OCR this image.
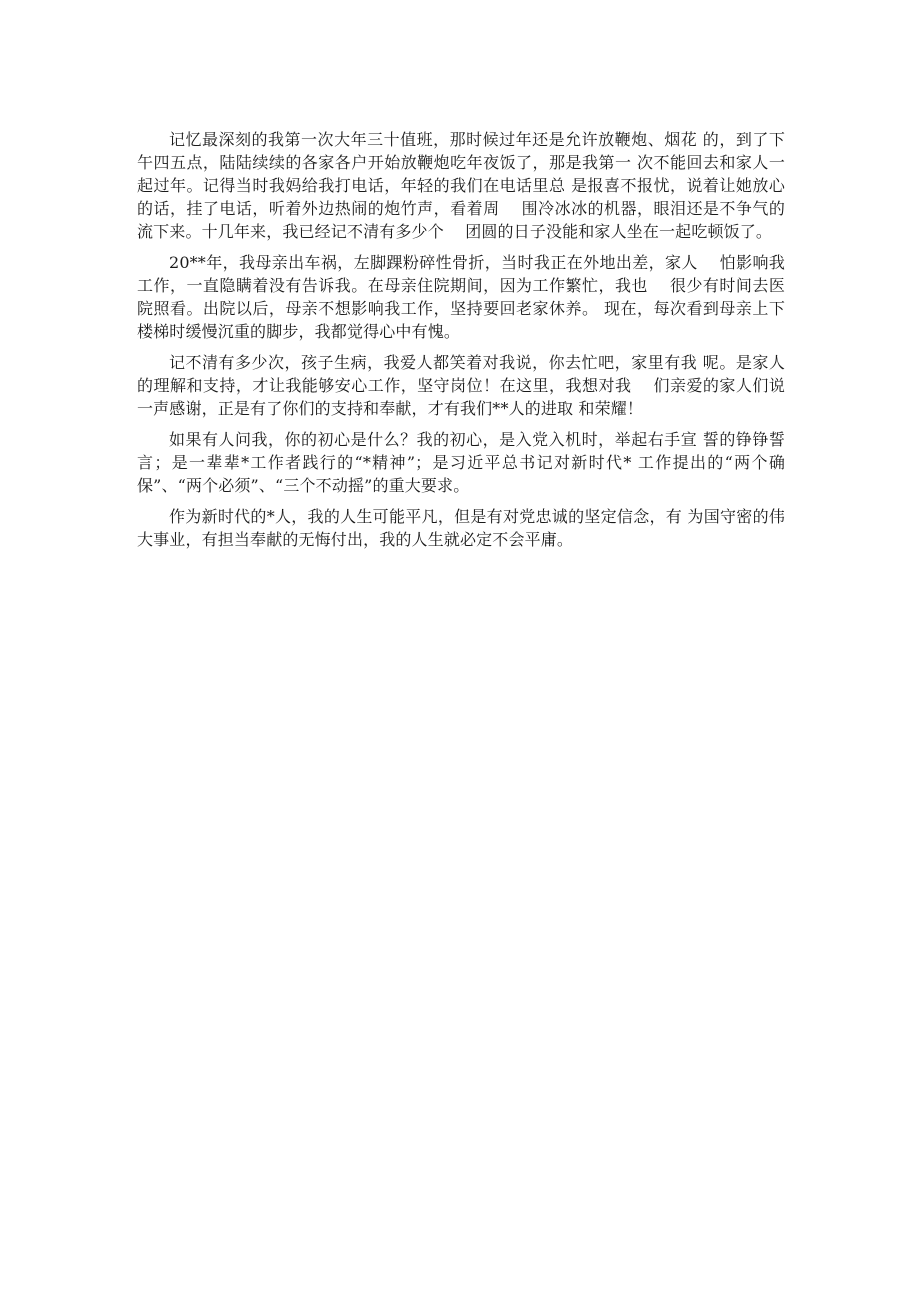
记忆最深刻的我第一次大年三十值班，那时候过年还是允许放鞭炮、烟花 的，到了下午四五点，陆陆续续的各家各户开始放鞭炮吃年夜饭了，那是我第一 次不能回去和家人一起过年。记得当时我妈给我打电话，年轻的我们在电话里总 是报喜不报忧，说着让她放心的话，挂了电话，听着外边热闹的炮竹声，看着周　 围冷冰冰的机器，眼泪还是不争气的流下来。十几年来，我已经记不清有多少个　 团圆的日子没能和家人坐在一起吃顿饭了。

20**年，我母亲出车祸，左脚踝粉碎性骨折，当时我正在外地出差，家人　 怕影响我工作，一直隐瞒着没有告诉我。在母亲住院期间，因为工作繁忙，我也　 很少有时间去医院照看。出院以后，母亲不想影响我工作，坚持要回老家休养。 现在，每次看到母亲上下楼梯时缓慢沉重的脚步，我都觉得心中有愧。

记不清有多少次，孩子生病，我爱人都笑着对我说，你去忙吧，家里有我 呢。是家人的理解和支持，才让我能够安心工作，坚守岗位！在这里，我想对我　 们亲爱的家人们说一声感谢，正是有了你们的支持和奉献，才有我们**人的进取 和荣耀！

如果有人问我，你的初心是什么？我的初心，是入党入机时，举起右手宣 誓的铮铮誓言；是一辈辈*工作者践行的“*精神”；是习近平总书记对新时代* 工作提出的“两个确保”、“两个必须”、“三个不动摇”的重大要求。

作为新时代的*人，我的人生可能平凡，但是有对党忠诚的坚定信念，有 为国守密的伟大事业，有担当奉献的无悔付出，我的人生就必定不会平庸。
